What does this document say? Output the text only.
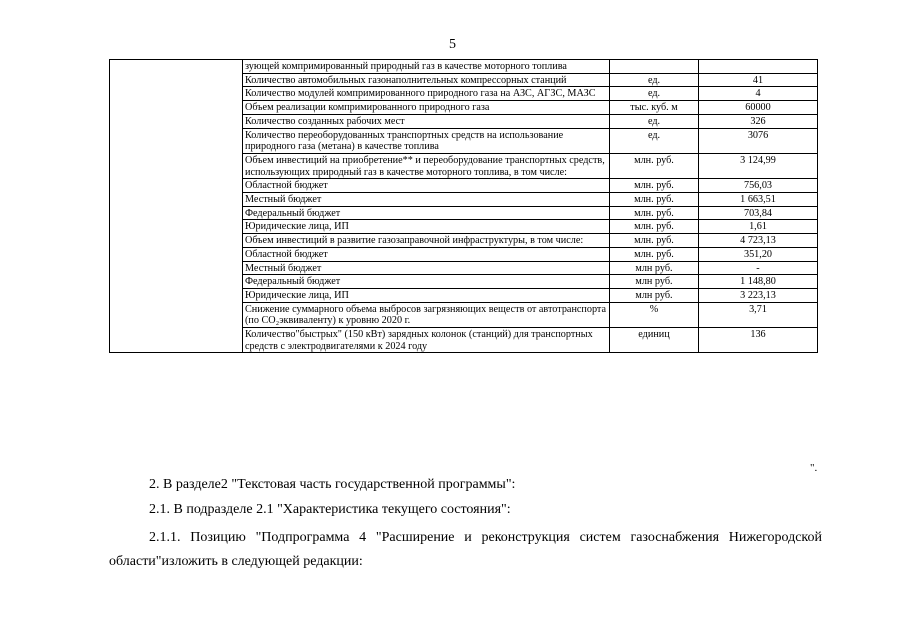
5
	зующей компримированный природный газ в качестве моторного топлива		
	Количество автомобильных газонаполнительных компрессорных станций	ед.	41
	Количество модулей компримированного природного газа на АЗС, АГЗС, МАЗС	ед.	4
	Объем реализации компримированного природного газа	тыс. куб. м	60000
	Количество созданных рабочих мест	ед.	326
	Количество переоборудованных транспортных средств на использование природного газа (метана) в качестве топлива	ед.	3076
	Объем инвестиций на приобретение** и переоборудование транспортных средств, использующих природный газ в качестве моторного топлива, в том числе:	млн. руб.	3 124,99
	Областной бюджет	млн. руб.	756,03
	Местный бюджет	млн. руб.	1 663,51
	Федеральный бюджет	млн. руб.	703,84
	Юридические лица, ИП	млн. руб.	1,61
	Объем инвестиций в развитие газозаправочной инфраструктуры, в том числе:	млн. руб.	4 723,13
	Областной бюджет	млн. руб.	351,20
	Местный бюджет	млн руб.	-
	Федеральный бюджет	млн руб.	1 148,80
	Юридические лица, ИП	млн руб.	3 223,13
	Снижение суммарного объема выбросов загрязняющих веществ от автотранспорта (по CO₂эквиваленту) к уровню 2020 г.	%	3,71
	Количество"быстрых" (150 кВт) зарядных колонок (станций) для транспортных средств с электродвигателями к 2024 году	единиц	136
".

2. В разделе2 "Текстовая часть государственной программы":

2.1. В подразделе 2.1 "Характеристика текущего состояния":

2.1.1. Позицию "Подпрограмма 4 "Расширение и реконструкция систем газоснабжения Нижегородской области"изложить в следующей редакции:
